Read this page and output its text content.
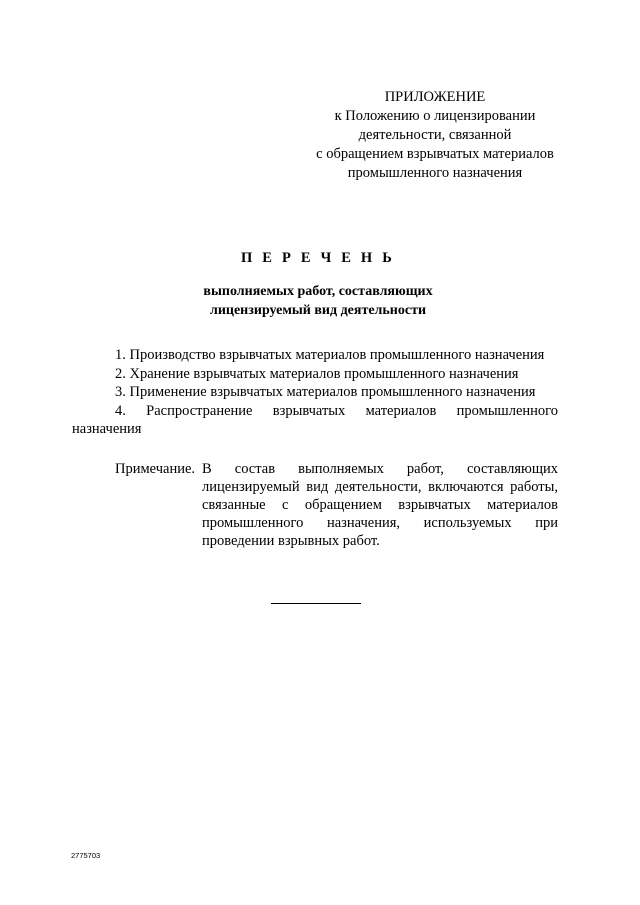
ПРИЛОЖЕНИЕ
к Положению о лицензировании
деятельности, связанной
с обращением взрывчатых материалов
промышленного назначения
П Е Р Е Ч Е Н Ь
выполняемых работ, составляющих
лицензируемый вид деятельности
1. Производство взрывчатых материалов промышленного назначения
2. Хранение взрывчатых материалов промышленного назначения
3. Применение взрывчатых материалов промышленного назначения
4. Распространение взрывчатых материалов промышленного
назначения
Примечание. В состав выполняемых работ, составляющих лицензируемый вид деятельности, включаются работы, связанные с обращением взрывчатых материалов промышленного назначения, используемых при проведении взрывных работ.
2775703
